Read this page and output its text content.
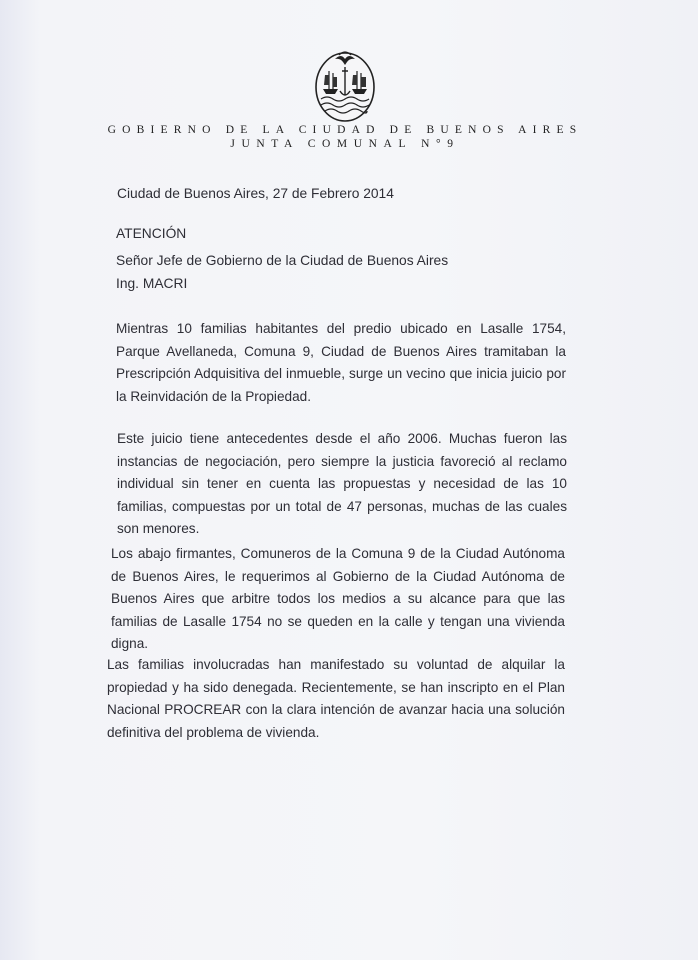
GOBIERNO DE LA CIUDAD DE BUENOS AIRES
JUNTA COMUNAL N°9
Ciudad de Buenos Aires, 27 de Febrero 2014
ATENCIÓN
Señor Jefe de Gobierno de la Ciudad de Buenos Aires
Ing. MACRI
Mientras 10 familias habitantes del predio ubicado en Lasalle 1754, Parque Avellaneda, Comuna 9, Ciudad de Buenos Aires tramitaban la Prescripción Adquisitiva del inmueble, surge un vecino que inicia juicio por la Reinvidación de la Propiedad.
Este juicio tiene antecedentes desde el año 2006. Muchas fueron las instancias de negociación, pero siempre la justicia favoreció al reclamo individual sin tener en cuenta las propuestas y necesidad de las 10 familias, compuestas por un total de 47 personas, muchas de las cuales son menores.
Los abajo firmantes, Comuneros de la Comuna 9 de la Ciudad Autónoma de Buenos Aires, le requerimos al Gobierno de la Ciudad Autónoma de Buenos Aires que arbitre todos los medios a su alcance para que las familias de Lasalle 1754 no se queden en la calle y tengan una vivienda digna.
Las familias involucradas han manifestado su voluntad de alquilar la propiedad y ha sido denegada. Recientemente, se han inscripto en el Plan Nacional PROCREAR con la clara intención de avanzar hacia una solución definitiva del problema de vivienda.
